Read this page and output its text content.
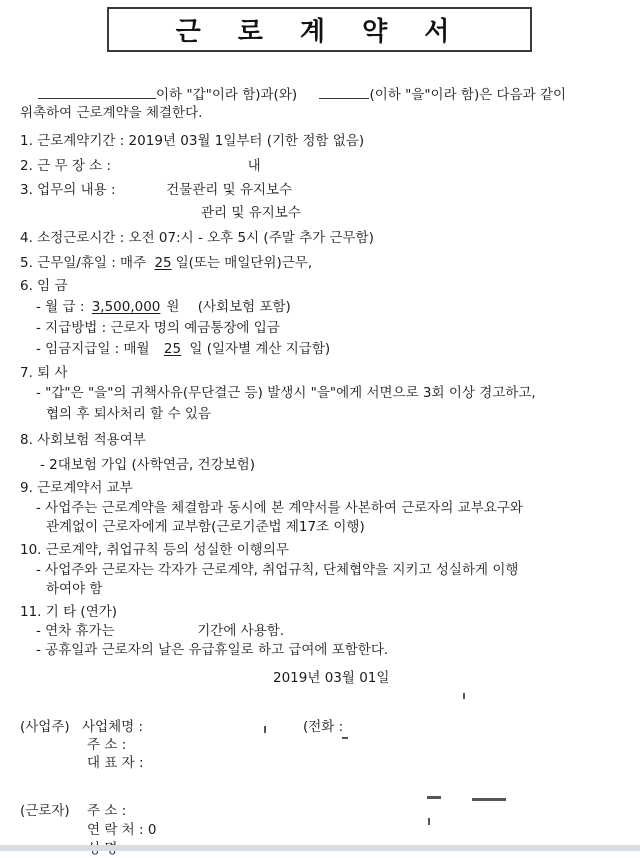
근 로 계 약 서
이하 "갑"이라 함)과(와)	(이하 "을"이라 함)은 다음과 같이
위촉하여 근로계약을 체결한다.
1. 근로계약기간 : 2019년 03월 1일부터 (기한 정함 없음)
2. 근 무 장 소 :	내
3. 업무의 내용 :	건물관리 및 유지보수
관리 및 유지보수
4. 소정근로시간 : 오전 07:시 - 오후 5시 (주말 추가 근무함)
5. 근무일/휴일 : 매주 25 일(또는 매일단위)근무,
6. 임 금
- 월 급 : 3,500,000 원 (사회보험 포함)
- 지급방법 : 근로자 명의 예금통장에 입금
- 임금지급일 : 매월 25 일 (일자별 계산 지급함)
7. 퇴 사
- "갑"은 "을"의 귀책사유(무단결근 등) 발생시 "을"에게 서면으로 3회 이상 경고하고,
협의 후 퇴사처리 할 수 있음
8. 사회보험 적용여부
- 2대보험 가입 (사학연금, 건강보험)
9. 근로계약서 교부
- 사업주는 근로계약을 체결함과 동시에 본 계약서를 사본하여 근로자의 교부요구와
관계없이 근로자에게 교부함(근로기준법 제17조 이행)
10. 근로계약, 취업규칙 등의 성실한 이행의무
- 사업주와 근로자는 각자가 근로계약, 취업규칙, 단체협약을 지키고 성실하게 이행
하여야 함
11. 기 타 (연가)
- 연차 휴가는	기간에 사용함.
- 공휴일과 근로자의 날은 유급휴일로 하고 급여에 포함한다.
2019년 03월 01일
(사업주) 사업체명 :	(전화 :
주 소 :
대 표 자 :
(근로자) 주 소 :
연 락 처 : 0
